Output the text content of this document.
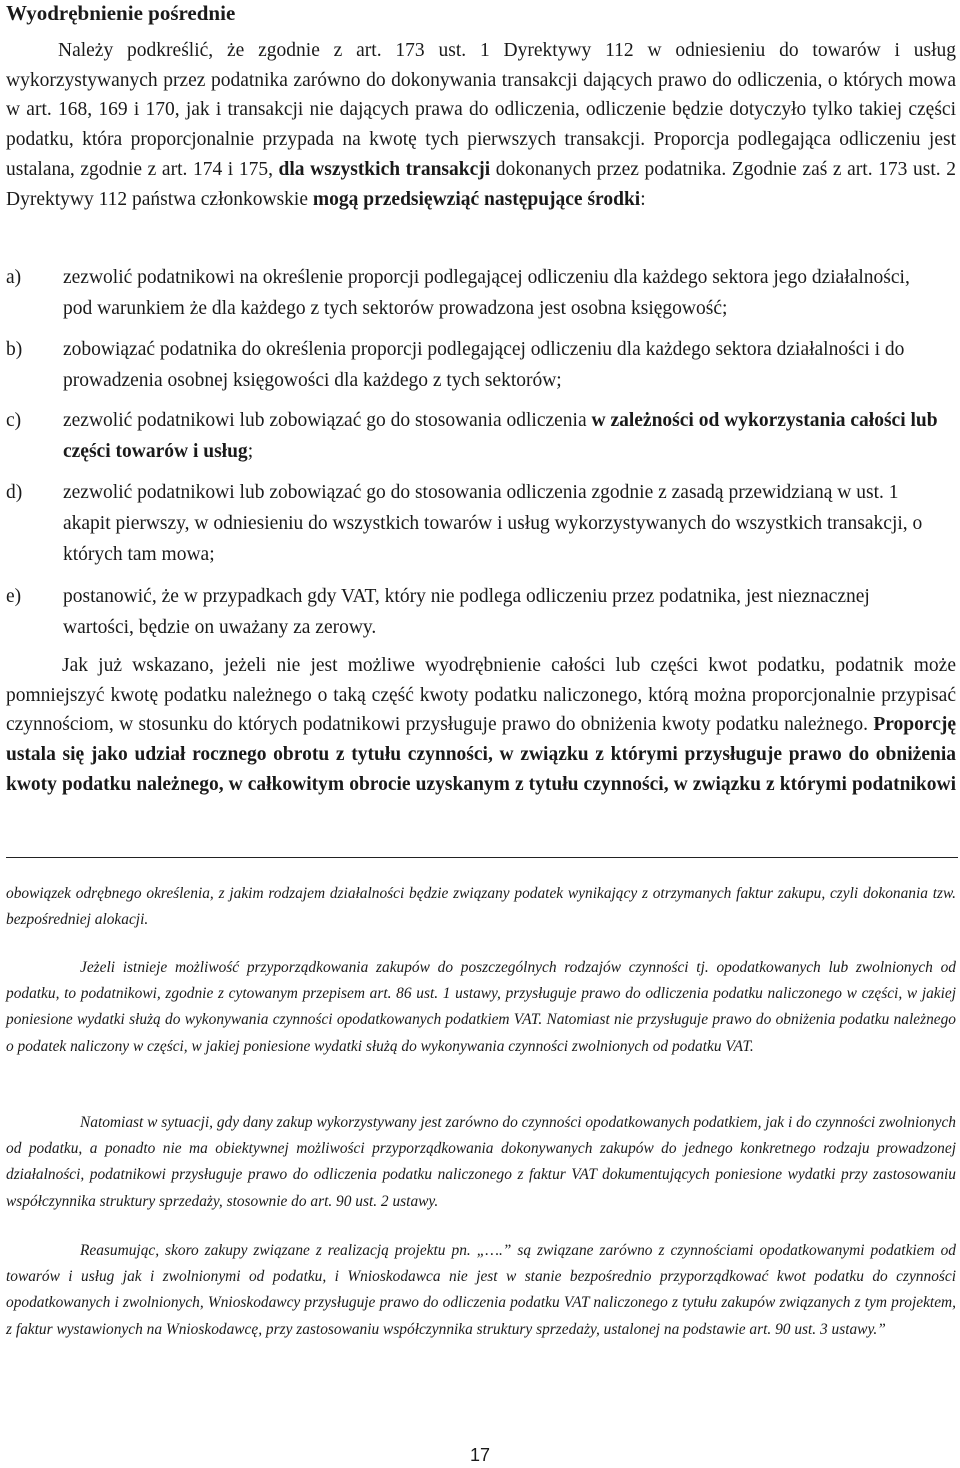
Wyodrębnienie pośrednie
Należy podkreślić, że zgodnie z art. 173 ust. 1 Dyrektywy 112 w odniesieniu do towarów i usług wykorzystywanych przez podatnika zarówno do dokonywania transakcji dających prawo do odliczenia, o których mowa w art. 168, 169 i 170, jak i transakcji nie dających prawa do odliczenia, odliczenie będzie dotyczyło tylko takiej części podatku, która proporcjonalnie przypada na kwotę tych pierwszych transakcji. Proporcja podlegająca odliczeniu jest ustalana, zgodnie z art. 174 i 175, dla wszystkich transakcji dokonanych przez podatnika. Zgodnie zaś z art. 173 ust. 2 Dyrektywy 112 państwa członkowskie mogą przedsięwziąć następujące środki:
a)	zezwolić podatnikowi na określenie proporcji podlegającej odliczeniu dla każdego sektora jego działalności, pod warunkiem że dla każdego z tych sektorów prowadzona jest osobna księgowość;
b)	zobowiązać podatnika do określenia proporcji podlegającej odliczeniu dla każdego sektora działalności i do prowadzenia osobnej księgowości dla każdego z tych sektorów;
c)	zezwolić podatnikowi lub zobowiązać go do stosowania odliczenia w zależności od wykorzystania całości lub części towarów i usług;
d)	zezwolić podatnikowi lub zobowiązać go do stosowania odliczenia zgodnie z zasadą przewidzianą w ust. 1 akapit pierwszy, w odniesieniu do wszystkich towarów i usług wykorzystywanych do wszystkich transakcji, o których tam mowa;
e)	postanowić, że w przypadkach gdy VAT, który nie podlega odliczeniu przez podatnika, jest nieznacznej wartości, będzie on uważany za zerowy.
Jak już wskazano, jeżeli nie jest możliwe wyodrębnienie całości lub części kwot podatku, podatnik może pomniejszyć kwotę podatku należnego o taką część kwoty podatku naliczonego, którą można proporcjonalnie przypisać czynnościom, w stosunku do których podatnikowi przysługuje prawo do obniżenia kwoty podatku należnego. Proporcję ustala się jako udział rocznego obrotu z tytułu czynności, w związku z którymi przysługuje prawo do obniżenia kwoty podatku należnego, w całkowitym obrocie uzyskanym z tytułu czynności, w związku z którymi podatnikowi
obowiązek odrębnego określenia, z jakim rodzajem działalności będzie związany podatek wynikający z otrzymanych faktur zakupu, czyli dokonania tzw. bezpośredniej alokacji.
Jeżeli istnieje możliwość przyporządkowania zakupów do poszczególnych rodzajów czynności tj. opodatkowanych lub zwolnionych od podatku, to podatnikowi, zgodnie z cytowanym przepisem art. 86 ust. 1 ustawy, przysługuje prawo do odliczenia podatku naliczonego w części, w jakiej poniesione wydatki służą do wykonywania czynności opodatkowanych podatkiem VAT. Natomiast nie przysługuje prawo do obniżenia podatku należnego o podatek naliczony w części, w jakiej poniesione wydatki służą do wykonywania czynności zwolnionych od podatku VAT.
Natomiast w sytuacji, gdy dany zakup wykorzystywany jest zarówno do czynności opodatkowanych podatkiem, jak i do czynności zwolnionych od podatku, a ponadto nie ma obiektywnej możliwości przyporządkowania dokonywanych zakupów do jednego konkretnego rodzaju prowadzonej działalności, podatnikowi przysługuje prawo do odliczenia podatku naliczonego z faktur VAT dokumentujących poniesione wydatki przy zastosowaniu współczynnika struktury sprzedaży, stosownie do art. 90 ust. 2 ustawy.
Reasumując, skoro zakupy związane z realizacją projektu pn. „….” są związane zarówno z czynnościami opodatkowanymi podatkiem od towarów i usług jak i zwolnionymi od podatku, i Wnioskodawca nie jest w stanie bezpośrednio przyporządkować kwot podatku do czynności opodatkowanych i zwolnionych, Wnioskodawcy przysługuje prawo do odliczenia podatku VAT naliczonego z tytułu zakupów związanych z tym projektem, z faktur wystawionych na Wnioskodawcę, przy zastosowaniu współczynnika struktury sprzedaży, ustalonej na podstawie art. 90 ust. 3 ustawy.”
17
